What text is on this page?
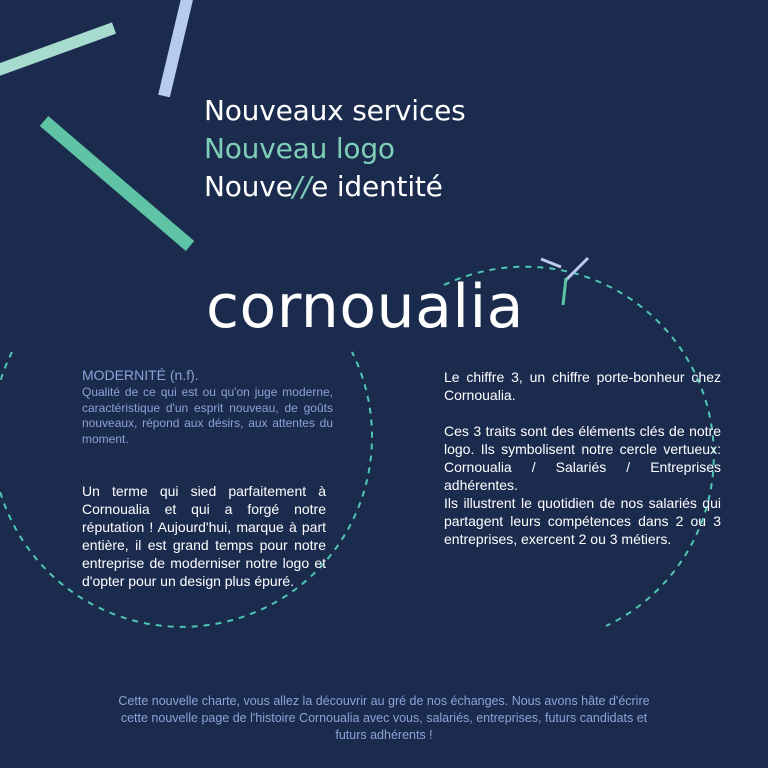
Nouveaux services
Nouveau logo
Nouve//e identité
cornoualia
MODERNITÉ (n.f).
Qualité de ce qui est ou qu'on juge moderne, caractéristique d'un esprit nouveau, de goûts nouveaux, répond aux désirs, aux attentes du moment.
Un terme qui sied parfaitement à Cornoualia et qui a forgé notre réputation ! Aujourd'hui, marque à part entière, il est grand temps pour notre entreprise de moderniser notre logo et d'opter pour un design plus épuré.

Le chiffre 3, un chiffre porte-bonheur chez Cornoualia.

Ces 3 traits sont des éléments clés de notre logo. Ils symbolisent notre cercle vertueux: Cornoualia / Salariés / Entreprises adhérentes.

Ils illustrent le quotidien de nos salariés qui partagent leurs compétences dans 2 ou 3 entreprises, exercent 2 ou 3 métiers.

Cette nouvelle charte, vous allez la découvrir au gré de nos échanges. Nous avons hâte d'écrire cette nouvelle page de l'histoire Cornoualia avec vous, salariés, entreprises, futurs candidats et futurs adhérents !
